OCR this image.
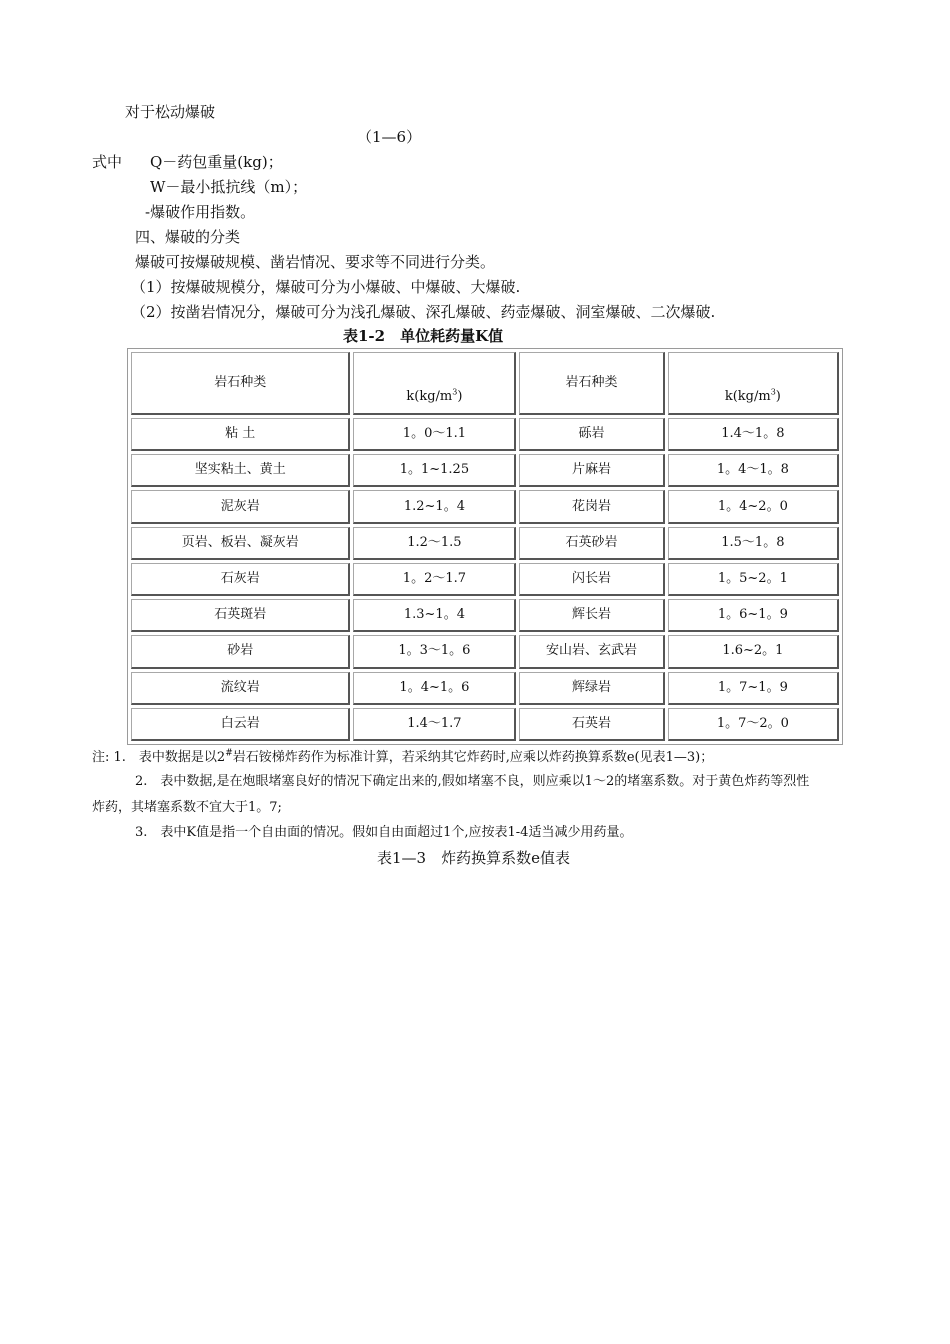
对于松动爆破
（1—6）
式中 Q－药包重量(kg)；
W－最小抵抗线（m）；
-爆破作用指数。
四、爆破的分类
爆破可按爆破规模、凿岩情况、要求等不同进行分类。
（1）按爆破规模分，爆破可分为小爆破、中爆破、大爆破.
（2）按凿岩情况分，爆破可分为浅孔爆破、深孔爆破、药壶爆破、洞室爆破、二次爆破.
表1-2　单位耗药量K值
岩石种类	$k(kg/m^3)$	岩石种类	$k(kg/m^3)$
粘 土	1。0～1.1	砾岩	1.4～1。8
坚实粘土、黄土	1。1~1.25	片麻岩	1。4～1。8
泥灰岩	1.2~1。4	花岗岩	1。4~2。0
页岩、板岩、凝灰岩	1.2～1.5	石英砂岩	1.5～1。8
石灰岩	1。2～1.7	闪长岩	1。5~2。1
石英斑岩	1.3~1。4	辉长岩	1。6~1。9
砂岩	1。3～1。6	安山岩、玄武岩	1.6~2。1
流纹岩	1。4~1。6	辉绿岩	1。7~1。9
白云岩	1.4～1.7	石英岩	1。7～2。0
注: 1.　表中数据是以2#岩石铵梯炸药作为标准计算，若采纳其它炸药时,应乘以炸药换算系数e(见表1—3)；
2.　表中数据,是在炮眼堵塞良好的情况下确定出来的,假如堵塞不良，则应乘以1～2的堵塞系数。对于黄色炸药等烈性
炸药，其堵塞系数不宜大于1。7;
3.　表中K值是指一个自由面的情况。假如自由面超过1个,应按表1-4适当减少用药量。
表1—3　炸药换算系数e值表
